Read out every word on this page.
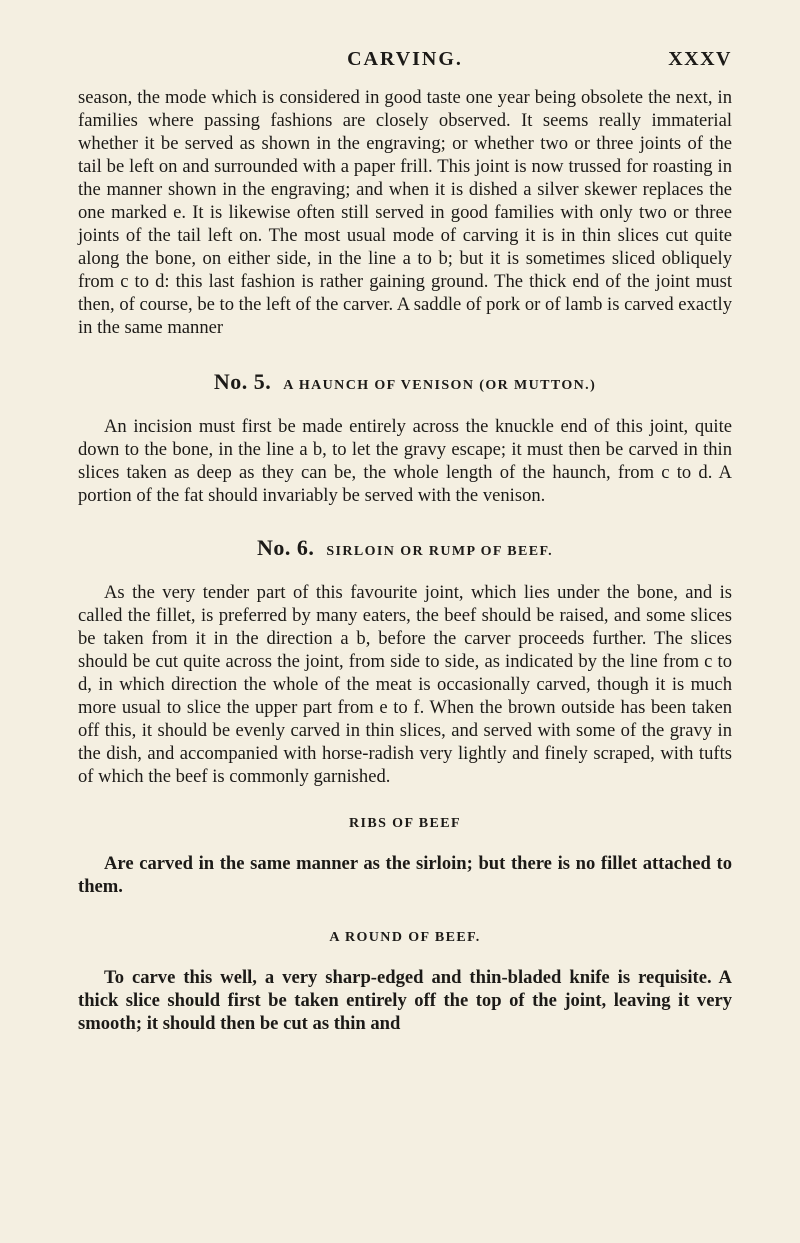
CARVING.	XXXV

season, the mode which is considered in good taste one year being obsolete the next, in families where passing fashions are closely observed. It seems really immaterial whether it be served as shown in the engraving; or whether two or three joints of the tail be left on and surrounded with a paper frill. This joint is now trussed for roasting in the manner shown in the engraving; and when it is dished a silver skewer replaces the one marked e. It is likewise often still served in good families with only two or three joints of the tail left on. The most usual mode of carving it is in thin slices cut quite along the bone, on either side, in the line a to b; but it is sometimes sliced obliquely from c to d: this last fashion is rather gaining ground. The thick end of the joint must then, of course, be to the left of the carver. A saddle of pork or of lamb is carved exactly in the same manner

No. 5. A HAUNCH OF VENISON (OR MUTTON.)

An incision must first be made entirely across the knuckle end of this joint, quite down to the bone, in the line a b, to let the gravy escape; it must then be carved in thin slices taken as deep as they can be, the whole length of the haunch, from c to d. A portion of the fat should invariably be served with the venison.

No. 6. SIRLOIN OR RUMP OF BEEF.

As the very tender part of this favourite joint, which lies under the bone, and is called the fillet, is preferred by many eaters, the beef should be raised, and some slices be taken from it in the direction a b, before the carver proceeds further. The slices should be cut quite across the joint, from side to side, as indicated by the line from c to d, in which direction the whole of the meat is occasionally carved, though it is much more usual to slice the upper part from e to f. When the brown outside has been taken off this, it should be evenly carved in thin slices, and served with some of the gravy in the dish, and accompanied with horse-radish very lightly and finely scraped, with tufts of which the beef is commonly garnished.

RIBS OF BEEF

Are carved in the same manner as the sirloin; but there is no fillet attached to them.

A ROUND OF BEEF.

To carve this well, a very sharp-edged and thin-bladed knife is requisite. A thick slice should first be taken entirely off the top of the joint, leaving it very smooth; it should then be cut as thin and
